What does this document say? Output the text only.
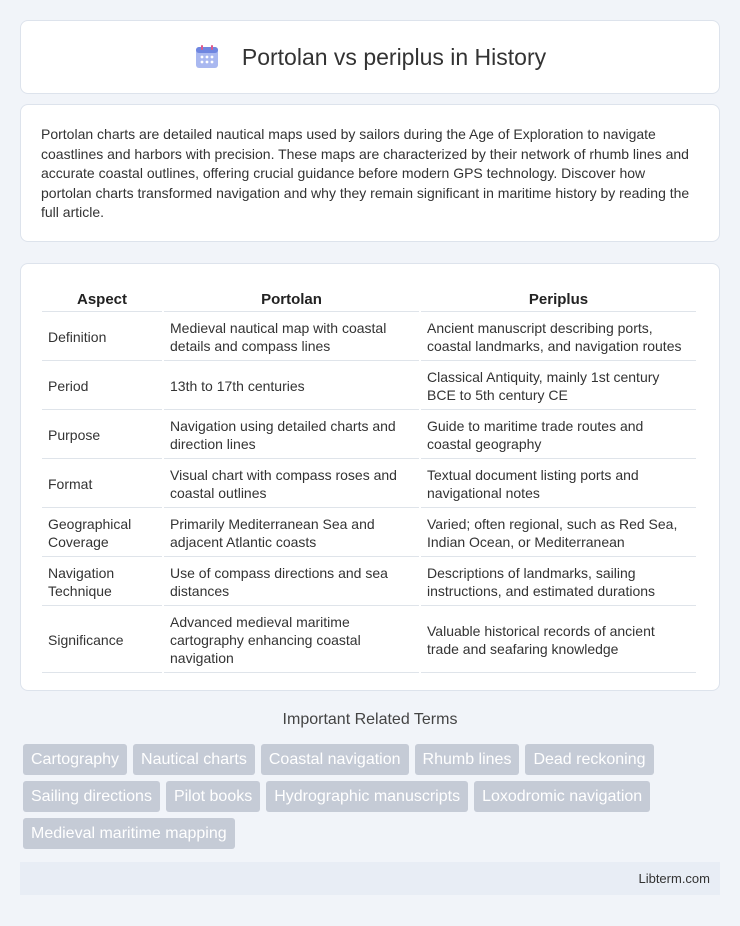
Portolan vs periplus in History

Portolan charts are detailed nautical maps used by sailors during the Age of Exploration to navigate coastlines and harbors with precision. These maps are characterized by their network of rhumb lines and accurate coastal outlines, offering crucial guidance before modern GPS technology. Discover how portolan charts transformed navigation and why they remain significant in maritime history by reading the full article.

Aspect	Portolan	Periplus
Definition	Medieval nautical map with coastal details and compass lines	Ancient manuscript describing ports, coastal landmarks, and navigation routes
Period	13th to 17th centuries	Classical Antiquity, mainly 1st century BCE to 5th century CE
Purpose	Navigation using detailed charts and direction lines	Guide to maritime trade routes and coastal geography
Format	Visual chart with compass roses and coastal outlines	Textual document listing ports and navigational notes
Geographical Coverage	Primarily Mediterranean Sea and adjacent Atlantic coasts	Varied; often regional, such as Red Sea, Indian Ocean, or Mediterranean
Navigation Technique	Use of compass directions and sea distances	Descriptions of landmarks, sailing instructions, and estimated durations
Significance	Advanced medieval maritime cartography enhancing coastal navigation	Valuable historical records of ancient trade and seafaring knowledge
Important Related Terms
Cartography	Nautical charts	Coastal navigation	Rhumb lines	Dead reckoning
Sailing directions	Pilot books	Hydrographic manuscripts	Loxodromic navigation
Medieval maritime mapping
Libterm.com
